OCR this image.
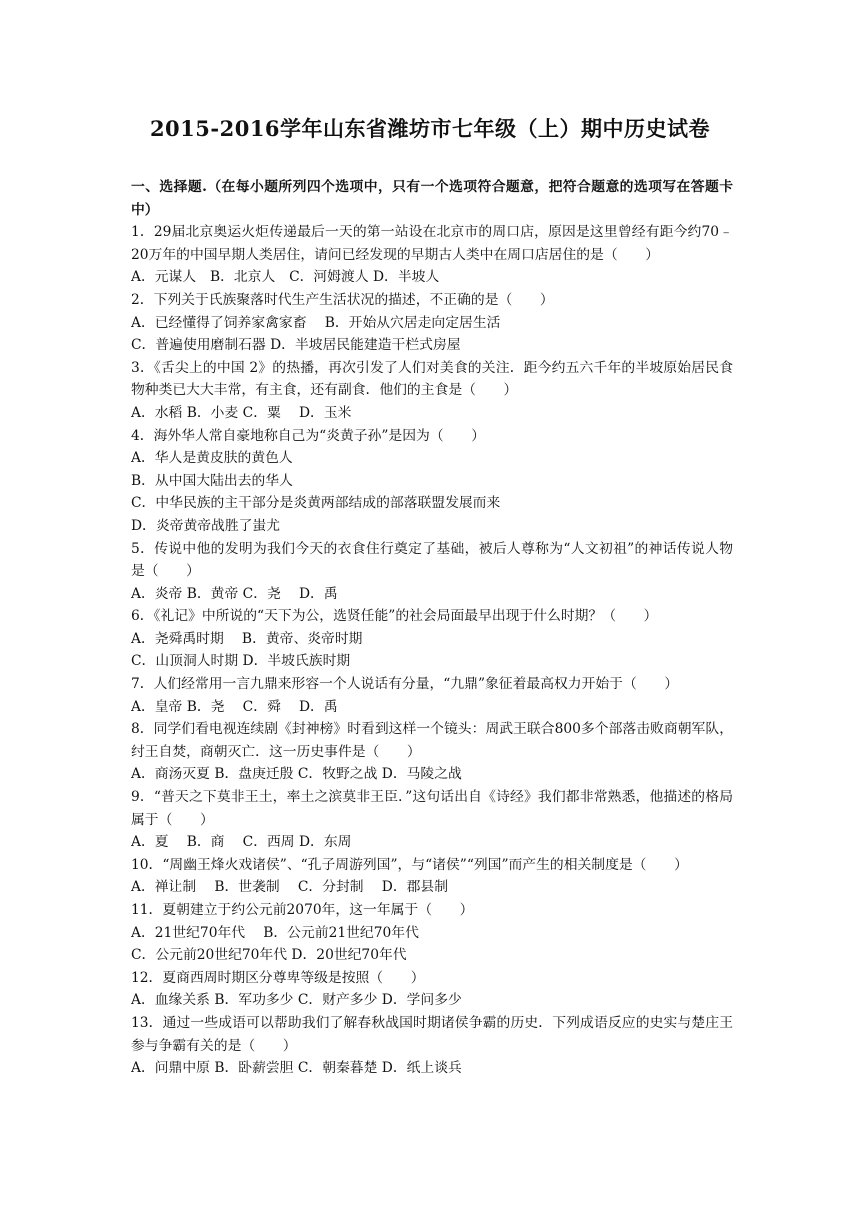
2015-2016学年山东省潍坊市七年级（上）期中历史试卷

一、选择题.（在每小题所列四个选项中，只有一个选项符合题意，把符合题意的选项写在答题卡中）

1．29届北京奥运火炬传递最后一天的第一站设在北京市的周口店，原因是这里曾经有距今约70﹣20万年的中国早期人类居住，请问已经发现的早期古人类中在周口店居住的是（　　）

A．元谋人　B．北京人　C．河姆渡人 D．半坡人

2．下列关于氏族聚落时代生产生活状况的描述，不正确的是（　　）

A．已经懂得了饲养家禽家畜　 B．开始从穴居走向定居生活

C．普遍使用磨制石器 D．半坡居民能建造干栏式房屋

3．《舌尖上的中国 2》的热播，再次引发了人们对美食的关注．距今约五六千年的半坡原始居民食物种类已大大丰常，有主食，还有副食．他们的主食是（　　）

A．水稻 B．小麦 C．粟　 D．玉米

4．海外华人常自豪地称自己为“炎黄子孙”是因为（　　）

A．华人是黄皮肤的黄色人

B．从中国大陆出去的华人

C．中华民族的主干部分是炎黄两部结成的部落联盟发展而来

D．炎帝黄帝战胜了蚩尤

5．传说中他的发明为我们今天的衣食住行奠定了基础，被后人尊称为“人文初祖”的神话传说人物是（　　）

A．炎帝 B．黄帝 C．尧　 D．禹

6．《礼记》中所说的“天下为公，选贤任能”的社会局面最早出现于什么时期？（　　）

A．尧舜禹时期　 B．黄帝、炎帝时期

C．山顶洞人时期 D．半坡氏族时期

7．人们经常用一言九鼎来形容一个人说话有分量，“九鼎”象征着最高权力开始于（　　）

A．皇帝 B．尧　 C．舜　 D．禹

8．同学们看电视连续剧《封神榜》时看到这样一个镜头：周武王联合800多个部落击败商朝军队，纣王自焚，商朝灭亡．这一历史事件是（　　）

A．商汤灭夏 B．盘庚迁殷 C．牧野之战 D．马陵之战

9．“普天之下莫非王土，率土之滨莫非王臣．”这句话出自《诗经》我们都非常熟悉，他描述的格局属于（　　）

A．夏　 B．商　 C．西周 D．东周

10．“周幽王烽火戏诸侯”、“孔子周游列国”，与“诸侯”“列国”而产生的相关制度是（　　）

A．禅让制　 B．世袭制　 C．分封制　 D．郡县制

11．夏朝建立于约公元前2070年，这一年属于（　　）

A．21世纪70年代　 B．公元前21世纪70年代

C．公元前20世纪70年代 D．20世纪70年代

12．夏商西周时期区分尊卑等级是按照（　　）

A．血缘关系 B．军功多少 C．财产多少 D．学问多少

13．通过一些成语可以帮助我们了解春秋战国时期诸侯争霸的历史．下列成语反应的史实与楚庄王参与争霸有关的是（　　）

A．问鼎中原 B．卧薪尝胆 C．朝秦暮楚 D．纸上谈兵
